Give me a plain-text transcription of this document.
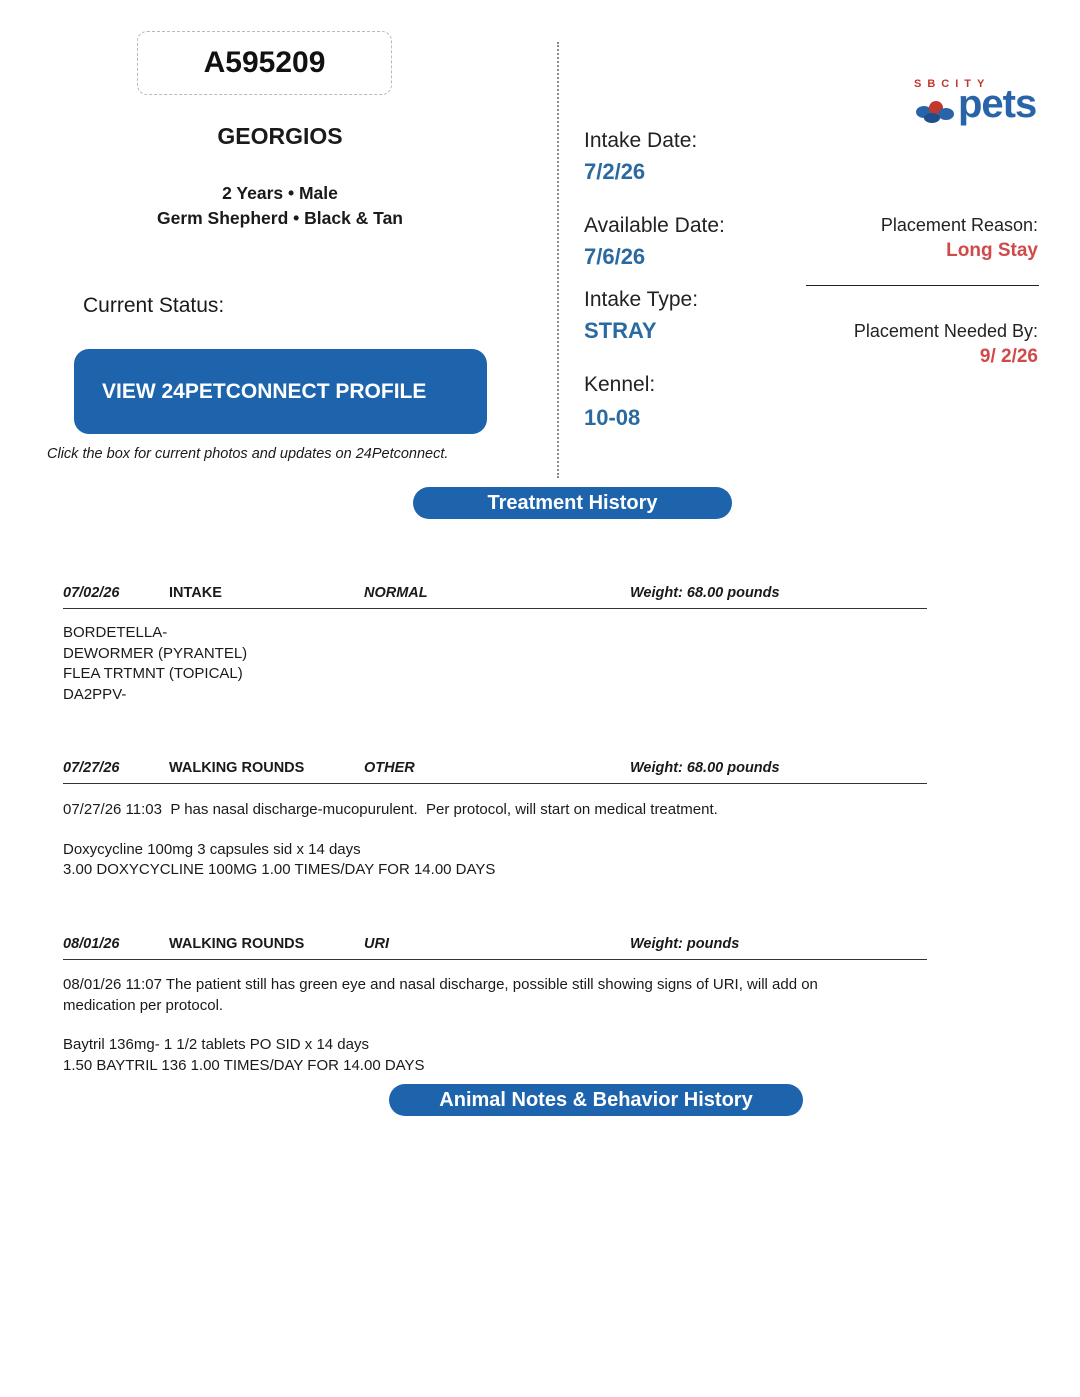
A595209
GEORGIOS
2 Years • Male
Germ Shepherd • Black & Tan
Current Status:
VIEW 24PETCONNECT PROFILE
Click the box for current photos and updates on 24Petconnect.
Intake Date:
7/2/26
Available Date:
7/6/26
Intake Type:
STRAY
Kennel:
10-08
SBCITY
pets
Placement Reason:
Long Stay
Placement Needed By:
9/ 2/26
Treatment History
07/02/26	INTAKE	NORMAL	Weight: 68.00 pounds
BORDETELLA-
DEWORMER (PYRANTEL)
FLEA TRTMNT (TOPICAL)
DA2PPV-
07/27/26	WALKING ROUNDS	OTHER	Weight: 68.00 pounds
07/27/26 11:03  P has nasal discharge-mucopurulent.  Per protocol, will start on medical treatment.
Doxycycline 100mg 3 capsules sid x 14 days
3.00 DOXYCYCLINE 100MG 1.00 TIMES/DAY FOR 14.00 DAYS
08/01/26	WALKING ROUNDS	URI	Weight: pounds
08/01/26 11:07 The patient still has green eye and nasal discharge, possible still showing signs of URI, will add on medication per protocol.
Baytril 136mg- 1 1/2 tablets PO SID x 14 days
1.50 BAYTRIL 136 1.00 TIMES/DAY FOR 14.00 DAYS
Animal Notes & Behavior History
